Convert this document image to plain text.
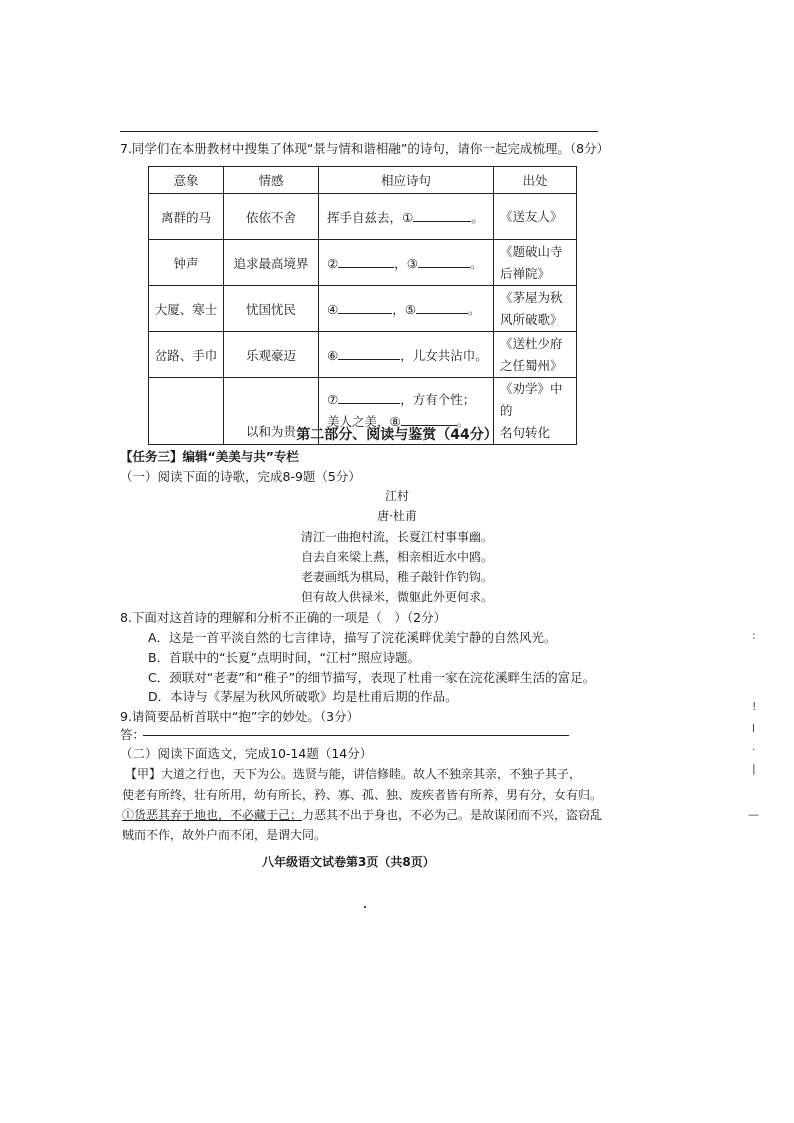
7.同学们在本册教材中搜集了体现“景与情和谐相融”的诗句，请你一起完成梳理。（8分）
意象	情感	相应诗句	出处
离群的马	依依不舍	挥手自兹去，① 。	《送友人》
钟声	追求最高境界	② ，③ 。	《题破山寺
后禅院》
大厦、寒士	忧国忧民	④ ，⑤ 。	《茅屋为秋
风所破歌》
岔路、手巾	乐观豪迈	⑥ ，儿女共沾巾。	《送杜少府
之任蜀州》
	以和为贵	⑦ ，方有个性；
美人之美，⑧ 。	《劝学》中的
名句转化
第二部分、阅读与鉴赏（44分）
【任务三】编辑“美美与共”专栏
（一）阅读下面的诗歌，完成8-9题（5分）
江村
唐·杜甫
清江一曲抱村流，长夏江村事事幽。
自去自来梁上燕，相亲相近水中鸥。
老妻画纸为棋局，稚子敲针作钓钩。
但有故人供禄米，微躯此外更何求。
8.下面对这首诗的理解和分析不正确的一项是（　）（2分）
A．这是一首平淡自然的七言律诗，描写了浣花溪畔优美宁静的自然风光。
B．首联中的“长夏”点明时间，“江村”照应诗题。
C．颈联对“老妻”和“稚子”的细节描写，表现了杜甫一家在浣花溪畔生活的富足。
D．本诗与《茅屋为秋风所破歌》均是杜甫后期的作品。
9.请简要品析首联中“抱”字的妙处。（3分）
答：
（二）阅读下面选文，完成10-14题（14分）
【甲】大道之行也，天下为公。选贤与能，讲信修睦。故人不独亲其亲，不独子其子，
使老有所终，壮有所用，幼有所长，矜、寡、孤、独、废疾者皆有所养，男有分，女有归。
①货恶其弃于地也，不必藏于己；力恶其不出于身也，不必为己。是故谋闭而不兴，盗窃乱
贼而不作，故外户而不闭，是谓大同。
八年级语文试卷第3页（共8页）
:
!
l
·
|
—
